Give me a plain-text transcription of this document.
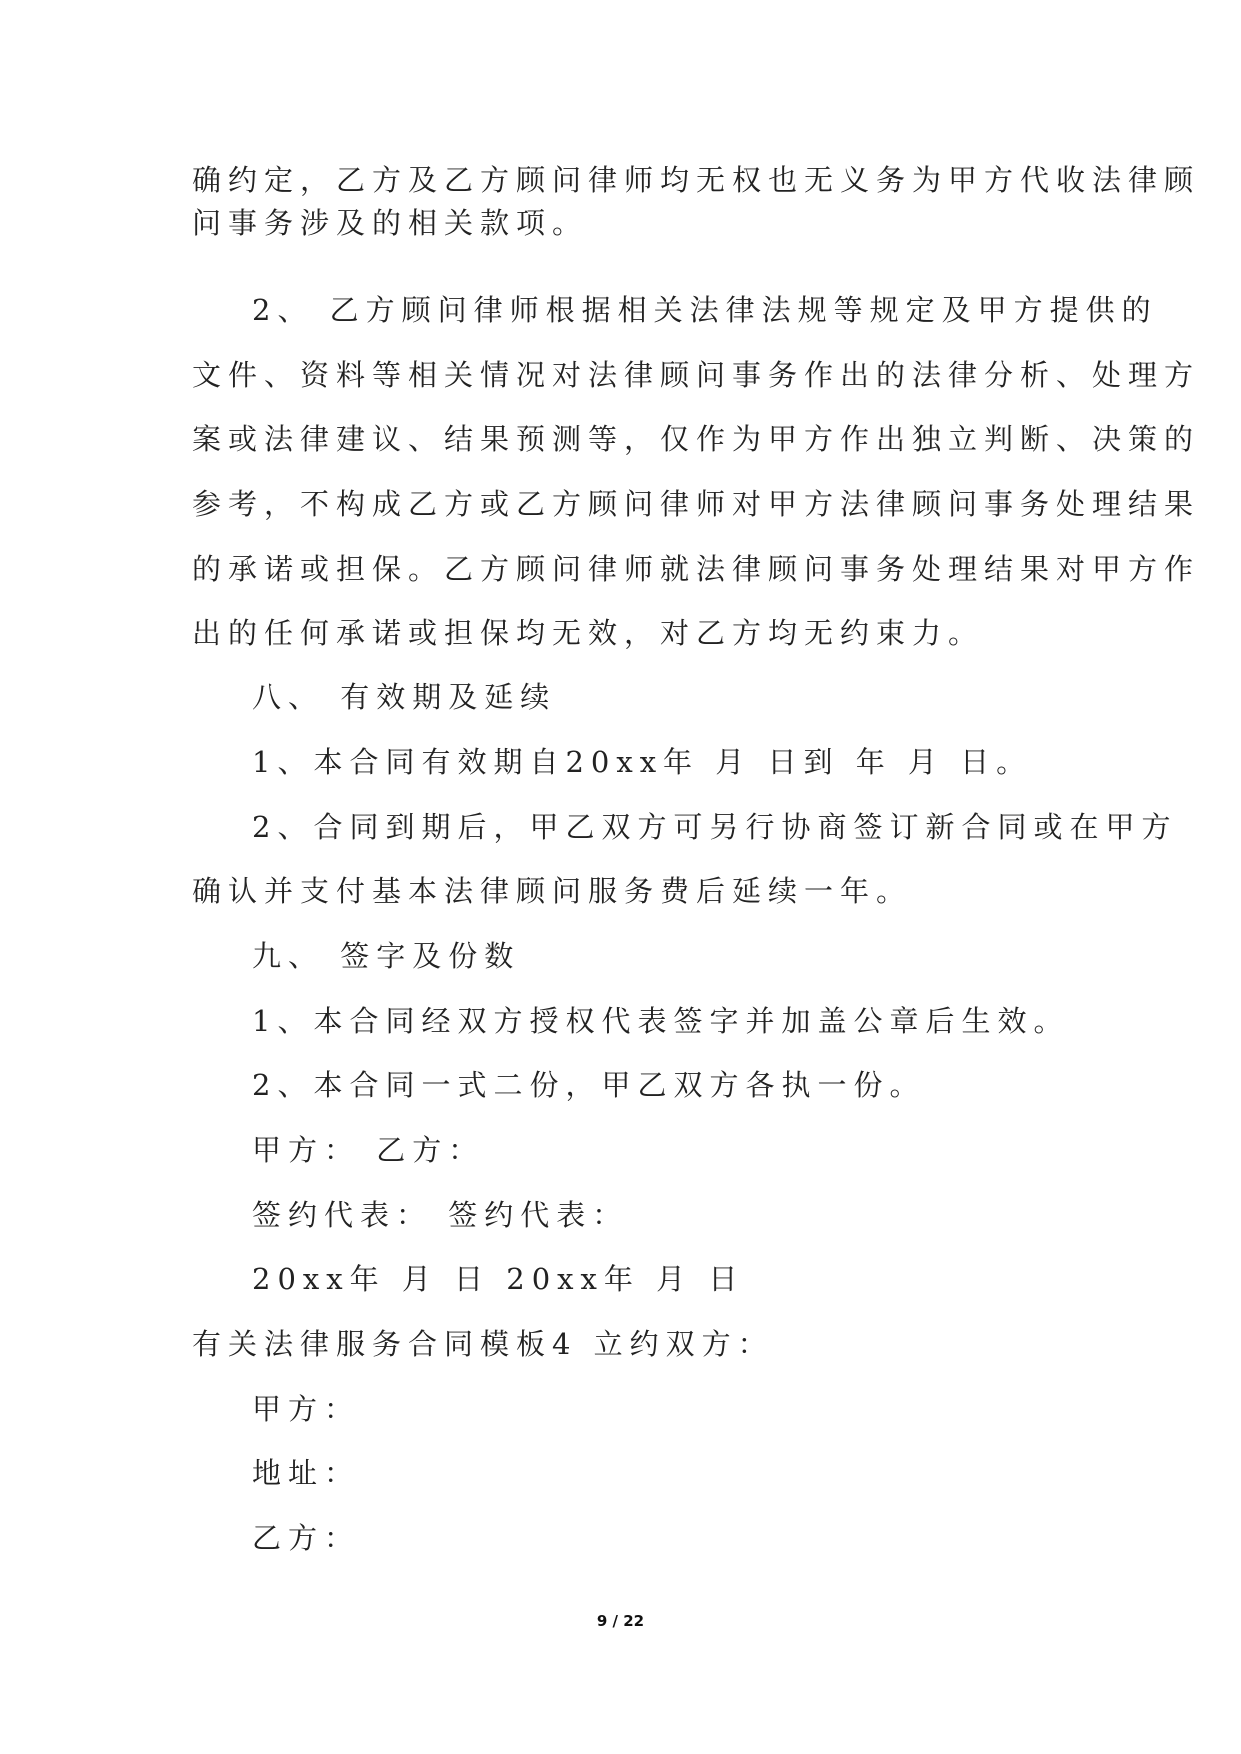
确约定，乙方及乙方顾问律师均无权也无义务为甲方代收法律顾
问事务涉及的相关款项。
2、 乙方顾问律师根据相关法律法规等规定及甲方提供的
文件、资料等相关情况对法律顾问事务作出的法律分析、处理方
案或法律建议、结果预测等，仅作为甲方作出独立判断、决策的
参考，不构成乙方或乙方顾问律师对甲方法律顾问事务处理结果
的承诺或担保。乙方顾问律师就法律顾问事务处理结果对甲方作
出的任何承诺或担保均无效，对乙方均无约束力。
八、 有效期及延续
1、本合同有效期自20xx年 月 日到 年 月 日。
2、合同到期后，甲乙双方可另行协商签订新合同或在甲方
确认并支付基本法律顾问服务费后延续一年。
九、 签字及份数
1、本合同经双方授权代表签字并加盖公章后生效。
2、本合同一式二份，甲乙双方各执一份。
甲方： 乙方：
签约代表： 签约代表：
20xx年 月 日 20xx年 月 日
有关法律服务合同模板4 立约双方：
甲方：
地址：
乙方：
9 / 22
